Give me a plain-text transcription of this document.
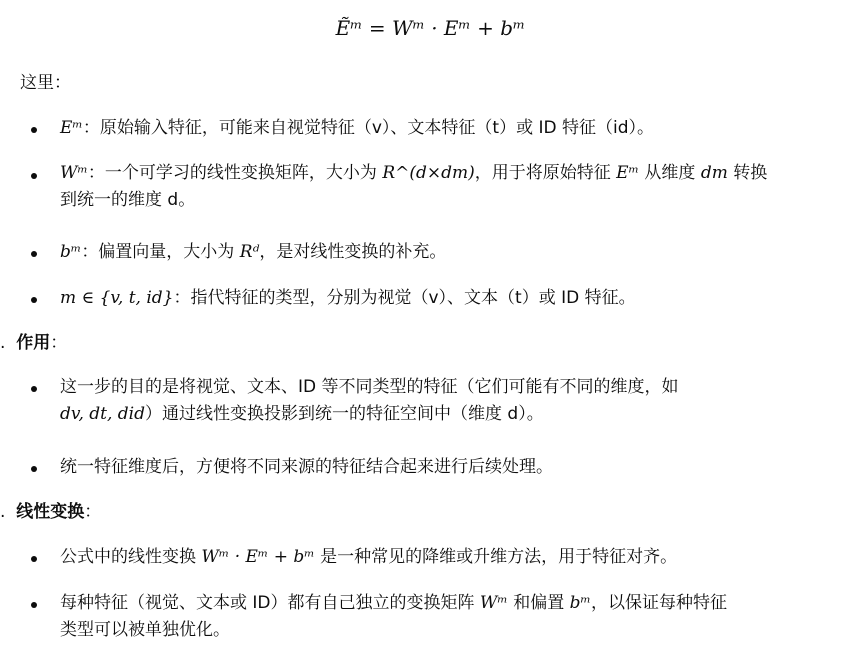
Ẽᵐ = Wᵐ · Eᵐ + bᵐ
这里：
Eᵐ：原始输入特征，可能来自视觉特征（v）、文本特征（t）或 ID 特征（id）。
Wᵐ：一个可学习的线性变换矩阵，大小为 R^(d×dm)，用于将原始特征 Eᵐ 从维度 dm 转换
到统一的维度 d。
bᵐ：偏置向量，大小为 Rᵈ，是对线性变换的补充。
m ∈ {v, t, id}：指代特征的类型，分别为视觉（v）、文本（t）或 ID 特征。
. 作用：
这一步的目的是将视觉、文本、ID 等不同类型的特征（它们可能有不同的维度，如
dv, dt, did）通过线性变换投影到统一的特征空间中（维度 d）。
统一特征维度后，方便将不同来源的特征结合起来进行后续处理。
. 线性变换：
公式中的线性变换 Wᵐ · Eᵐ + bᵐ 是一种常见的降维或升维方法，用于特征对齐。
每种特征（视觉、文本或 ID）都有自己独立的变换矩阵 Wᵐ 和偏置 bᵐ，以保证每种特征
类型可以被单独优化。
